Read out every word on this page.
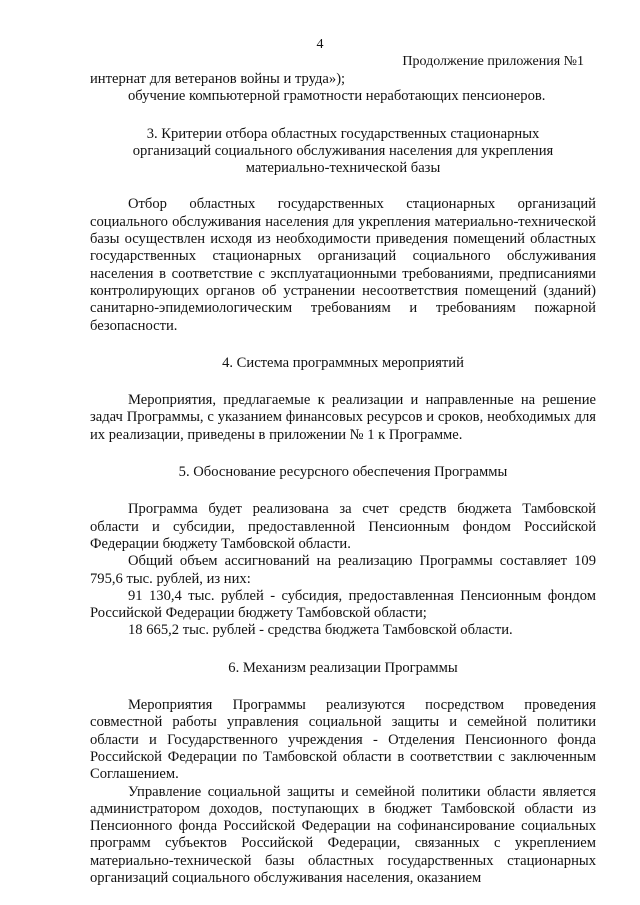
4
Продолжение приложения №1

интернат для ветеранов войны и труда»);

обучение компьютерной грамотности неработающих пенсионеров.

3. Критерии отбора областных государственных стационарных

организаций социального обслуживания населения для укрепления

материально-технической базы

Отбор областных государственных стационарных организаций социального обслуживания населения для укрепления материально-технической базы осуществлен исходя из необходимости приведения помещений областных государственных стационарных организаций социального обслуживания населения в соответствие с эксплуатационными требованиями, предписаниями контролирующих органов об устранении несоответствия помещений (зданий) санитарно-эпидемиологическим требованиям и требованиям пожарной безопасности.

4. Система программных мероприятий

Мероприятия, предлагаемые к реализации и направленные на решение задач Программы, с указанием финансовых ресурсов и сроков, необходимых для их реализации, приведены в приложении № 1 к Программе.

5. Обоснование ресурсного обеспечения Программы

Программа будет реализована за счет средств бюджета Тамбовской области и субсидии, предоставленной Пенсионным фондом Российской Федерации бюджету Тамбовской области.

Общий объем ассигнований на реализацию Программы составляет 109 795,6 тыс. рублей, из них:

91 130,4 тыс. рублей - субсидия, предоставленная Пенсионным фондом Российской Федерации бюджету Тамбовской области;

18 665,2 тыс. рублей - средства бюджета Тамбовской области.

6. Механизм реализации Программы

Мероприятия Программы реализуются посредством проведения совместной работы управления социальной защиты и семейной политики области и Государственного учреждения - Отделения Пенсионного фонда Российской Федерации по Тамбовской области в соответствии с заключенным Соглашением.

Управление социальной защиты и семейной политики области является администратором доходов, поступающих в бюджет Тамбовской области из Пенсионного фонда Российской Федерации на софинансирование социальных программ субъектов Российской Федерации, связанных с укреплением материально-технической базы областных государственных стационарных организаций социального обслуживания населения, оказанием
